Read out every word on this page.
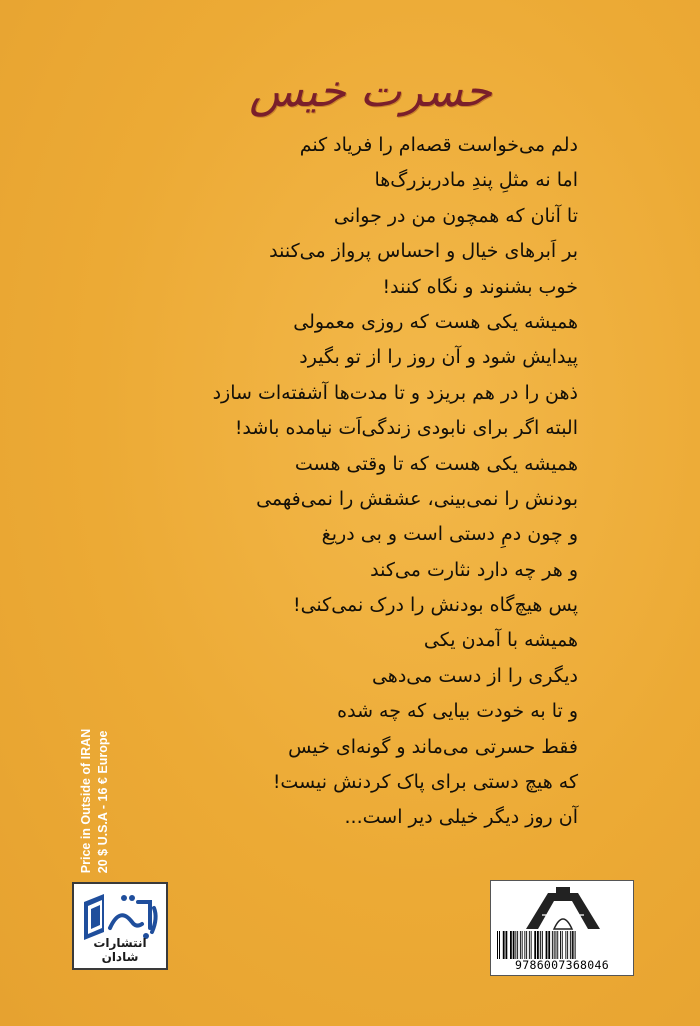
حسرت خیس
دلم می‌خواست قصه‌ام را فریاد کنم
اما نه مثلِ پندِ مادربزرگ‌ها
تا آنان که همچون من در جوانی
بر اَبرهای خیال و احساس پرواز می‌کنند
خوب بشنوند و نگاه کنند!
همیشه یکی هست که روزی معمولی
پیدایش شود و آن روز را از تو بگیرد
ذهن را در هم بریزد و تا مدت‌ها آشفته‌ات سازد
البته اگر برای نابودی زندگی‌اَت نیامده باشد!
همیشه یکی هست که تا وقتی هست
بودنش را نمی‌بینی، عشقش را نمی‌فهمی
و چون دمِ دستی است و بی دریغ
و هر چه دارد نثارت می‌کند
پس هیچ‌گاه بودنش را درک نمی‌کنی!
همیشه با آمدن یکی
دیگری را از دست می‌دهی
و تا به خودت بیایی که چه شده
فقط حسرتی می‌ماند و گونه‌ای خیس
که هیچ دستی برای پاک کردنش نیست!
آن روز دیگر خیلی دیر است...
Price in Outside of IRAN 20 $ U.S.A - 16 € Europe
انتشارات شادان
9786007368046
